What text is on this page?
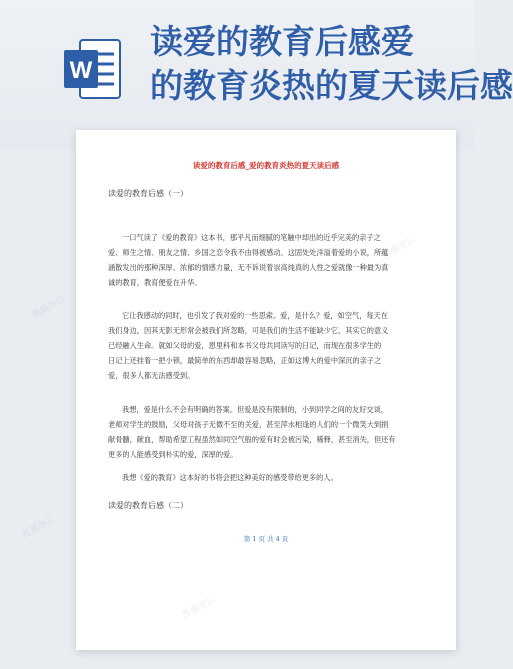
W
读爱的教育后感爱
的教育炎热的夏天读后感
读爱的教育后感_爱的教育炎热的夏天读后感
读爱的教育后感（一）
一口气读了《爱的教育》这本书，那平凡而细腻的笔触中却出的近乎完美的亲子之
爱、师生之情、朋友之情、乡国之恋令我不由得被感动。这固处处洋溢着爱的小说，所蕴
涵散发出的那种深厚、浓郁的情感力量，无不诉说着崇高纯真的人性之爱就像一种最为真
诚的教育，教育便爱在升华。
它让我感动的同时，也引发了我对爱的一些思索。爱，是什么？爱，如空气，每天在
我们身边，因其无影无形常会被我们所忽略，可是我们的生活不能缺少它，其实它的意义
已经融入生命。就如父母的爱，恩里科和本书父母共同读写的日记，而现在很多学生的
日记上还挂着一把小锁，最简单的东西却最容易忽略，正如这博大的爱中深沉的亲子之
爱，很多人都无法感受到。
我想，爱是什么不会有明确的答案。但爱是没有限制的，小到同学之间的友好交谈，
老师对学生的鼓励，父母对孩子无微不至的关爱，甚至萍水相逢的人们的一个微笑大到捐
献骨髓，献血，帮助希望工程虽然如同空气般的爱有时会被污染，稀释，甚至消失，但还有
更多的人能感受到朴实的爱，深厚的爱。
我想《爱的教育》这本好的书将会把这种美好的感受带给更多的人。
读爱的教育后感（二）
第 1 页 共 4 页
熊猫办公
熊猫办公
熊猫办公
熊猫办公
